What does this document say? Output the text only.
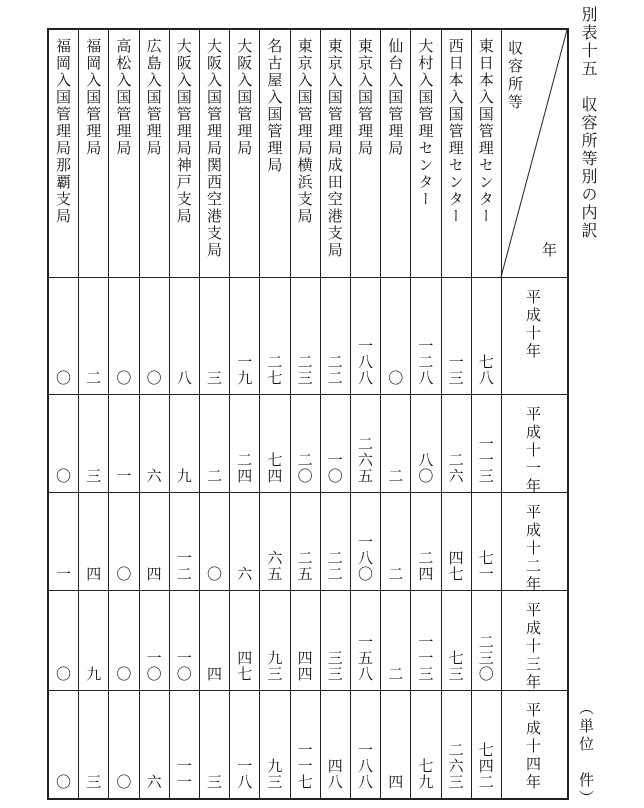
別表十五　収容所等別の内訳
（単位　件）
収容所等
年
平成十年
平成十一年
平成十二年
平成十三年
平成十四年
東日本入国管理センター
七八
一一三
七一
二三〇
七四二
西日本入国管理センター
一三
二六
四七
七三
二六三
大村入国管理センター
一二八
八〇
二四
一一三
七九
仙台入国管理局
〇
二
二
二
四
東京入国管理局
一八八
二六五
一八〇
一五八
一八八
東京入国管理局成田空港支局
二二
一〇
二二
三三
四八
東京入国管理局横浜支局
二三
二〇
二五
四四
一一七
名古屋入国管理局
二七
七四
六五
九三
九三
大阪入国管理局
一九
二四
六
四七
一八
大阪入国管理局関西空港支局
三
二
〇
四
三
大阪入国管理局神戸支局
八
九
一二
一〇
一一
広島入国管理局
〇
六
四
一〇
六
高松入国管理局
〇
一
〇
〇
〇
福岡入国管理局
二
三
四
九
三
福岡入国管理局那覇支局
〇
〇
一
〇
〇
